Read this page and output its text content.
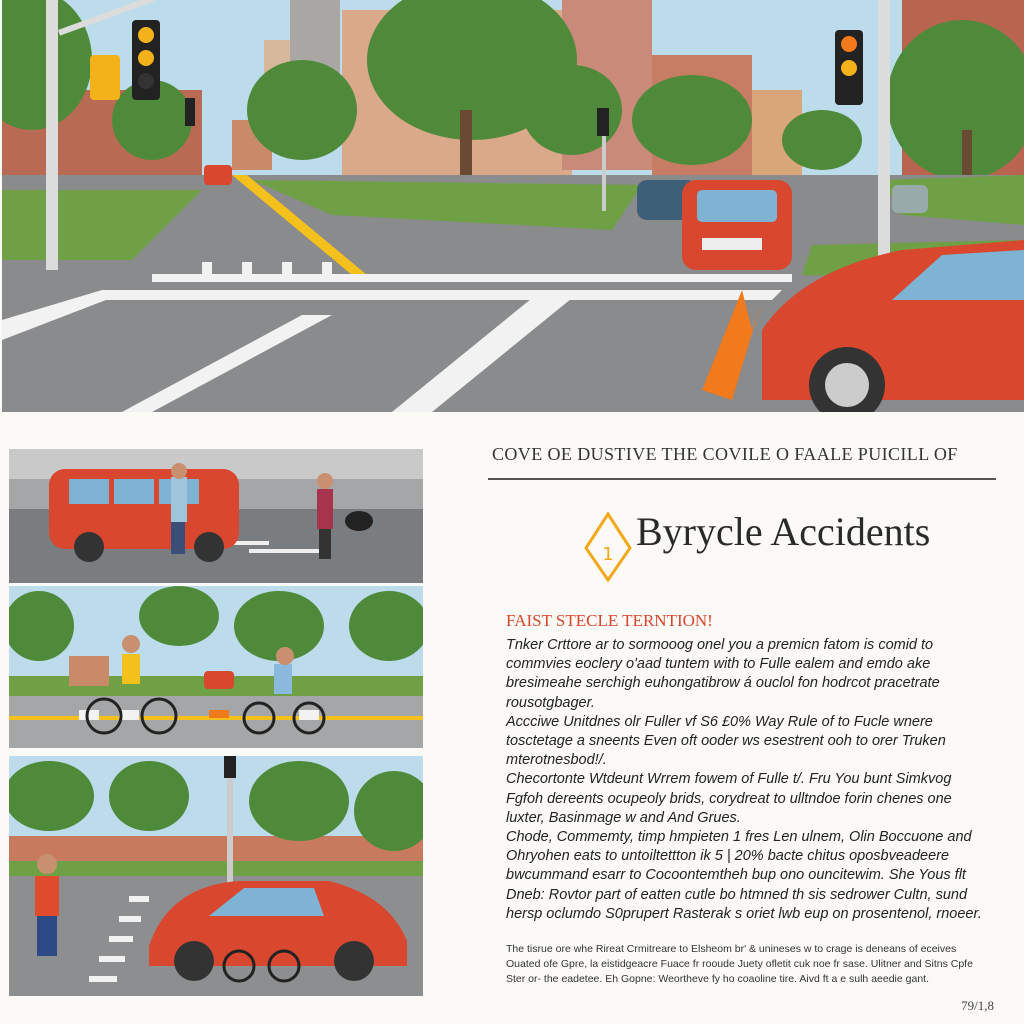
COVE OE DUSTIVE THE COVILE O FAALE PUICILL OF
1
Byrycle Accidents
FAIST STECLE TERNTION!

Tnker Crttore ar to sormooog onel you a premicn fatom is comid to commvies eoclery o'aad tuntem with to Fulle ealem and emdo ake bresimeahe serchigh euhongatibrow á ouclol fon hodrcot pracetrate rousotgbager.

Accciwe Unitdnes olr Fuller vf S6 £0% Way Rule of to Fucle wnere tosctetage a sneents Even oft ooder ws esestrent ooh to orer Truken mterotnesbod!/.

Checortonte Wtdeunt Wrrem fowem of Fulle t/. Fru You bunt Simkvog Fgfoh dereents ocupeoly brids, corydreat to ulltndoe forin chenes one luxter, Basinmage w and And Grues.

Chode, Commemty, timp hmpieten 1 fres Len ulnem, Olin Boccuone and Ohryohen eats to untoiltettton ik 5 | 20% bacte chitus oposbveadeere bwcummand esarr to Cocoontemtheh bup ono ouncitewim. She Yous flt Dneb: Rovtor part of eatten cutle bo htmned th sis sedrower Cultn, sund hersp oclumdo S0prupert Rasterak s oriet lwb eup on prosentenol, rnoeer.

The tisrue ore whe Rireat Crmitreare to Elsheom br' & unineses w to crage is deneans of eceives Ouated ofe Gpre, la eistidgeacre Fuace fr rooude Juety ofletit cuk noe fr sase. Ulitner and Sitns Cpfe Ster or- the eadetee. Eh Gopne: Weortheve fy ho coaoline tire. Aivd ft a e sulh aeedie gant.
79/1,8
